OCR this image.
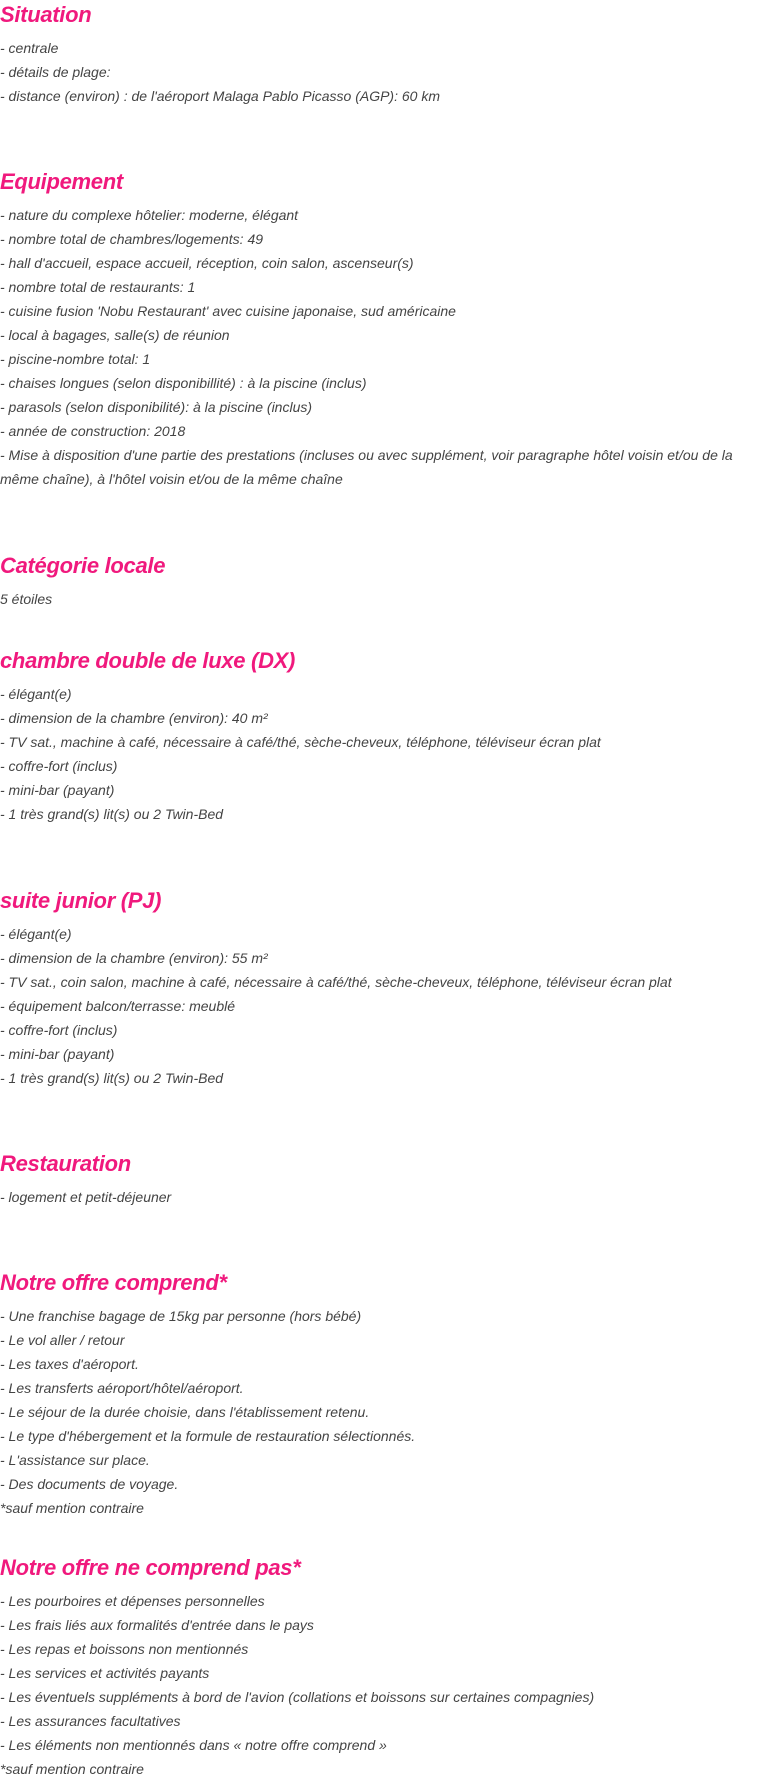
Situation
- centrale
- détails de plage:
- distance (environ) : de l'aéroport Malaga Pablo Picasso (AGP): 60 km
Equipement
- nature du complexe hôtelier: moderne, élégant
- nombre total de chambres/logements: 49
- hall d'accueil, espace accueil, réception, coin salon, ascenseur(s)
- nombre total de restaurants: 1
- cuisine fusion 'Nobu Restaurant' avec cuisine japonaise, sud américaine
- local à bagages, salle(s) de réunion
- piscine-nombre total: 1
- chaises longues (selon disponibillité) : à la piscine (inclus)
- parasols (selon disponibilité): à la piscine (inclus)
- année de construction: 2018
- Mise à disposition d'une partie des prestations (incluses ou avec supplément, voir paragraphe hôtel voisin et/ou de la même chaîne), à l'hôtel voisin et/ou de la même chaîne
Catégorie locale
5 étoiles
chambre double de luxe (DX)
- élégant(e)
- dimension de la chambre (environ): 40 m²
- TV sat., machine à café, nécessaire à café/thé, sèche-cheveux, téléphone, téléviseur écran plat
- coffre-fort (inclus)
- mini-bar (payant)
- 1 très grand(s) lit(s) ou 2 Twin-Bed
suite junior (PJ)
- élégant(e)
- dimension de la chambre (environ): 55 m²
- TV sat., coin salon, machine à café, nécessaire à café/thé, sèche-cheveux, téléphone, téléviseur écran plat
- équipement balcon/terrasse: meublé
- coffre-fort (inclus)
- mini-bar (payant)
- 1 très grand(s) lit(s) ou 2 Twin-Bed
Restauration
- logement et petit-déjeuner
Notre offre comprend*
- Une franchise bagage de 15kg par personne (hors bébé)
- Le vol aller / retour
- Les taxes d'aéroport.
- Les transferts aéroport/hôtel/aéroport.
- Le séjour de la durée choisie, dans l'établissement retenu.
- Le type d'hébergement et la formule de restauration sélectionnés.
- L'assistance sur place.
- Des documents de voyage.
*sauf mention contraire
Notre offre ne comprend pas*
- Les pourboires et dépenses personnelles
- Les frais liés aux formalités d'entrée dans le pays
- Les repas et boissons non mentionnés
- Les services et activités payants
- Les éventuels suppléments à bord de l'avion (collations et boissons sur certaines compagnies)
- Les assurances facultatives
- Les éléments non mentionnés dans « notre offre comprend »
*sauf mention contraire
